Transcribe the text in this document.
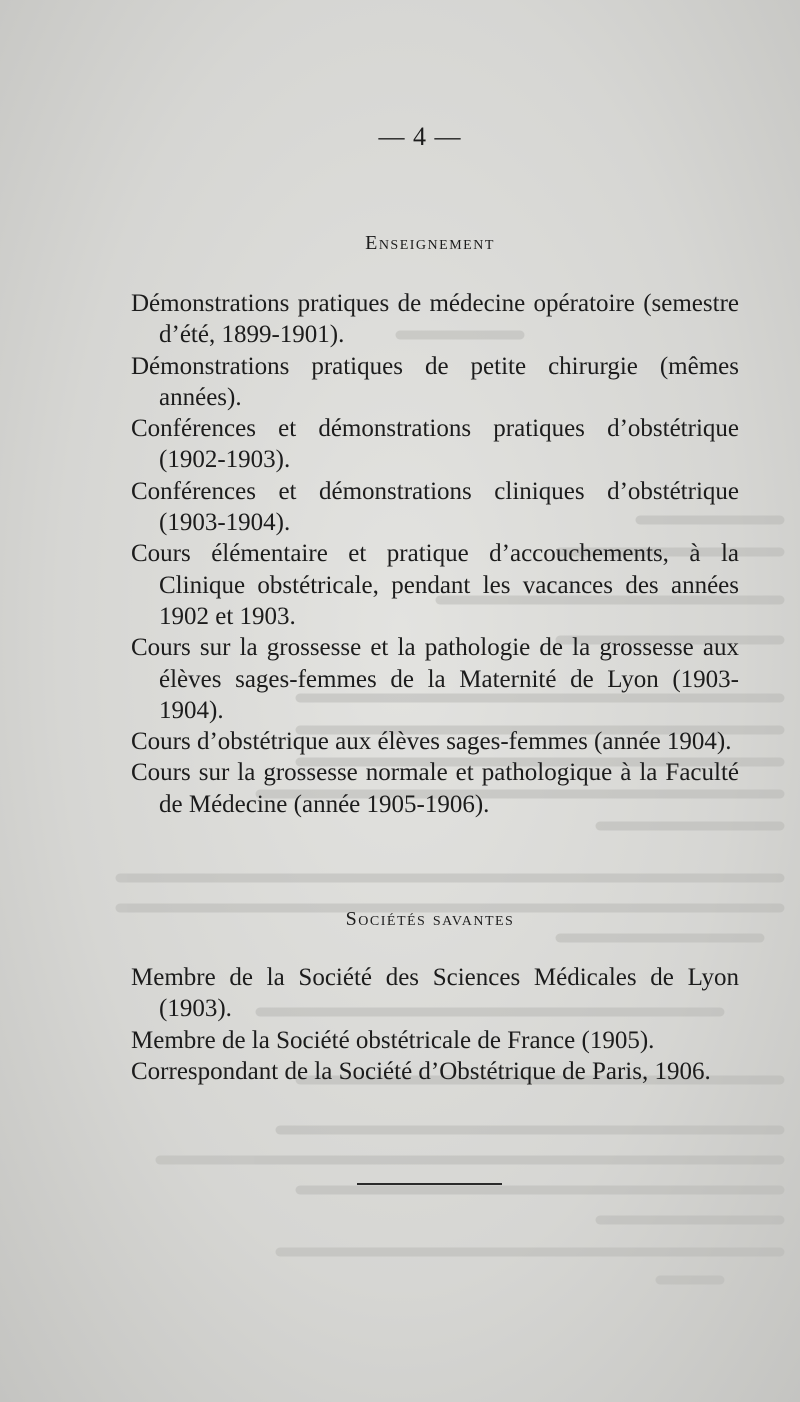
— 4 —
Enseignement
Démonstrations pratiques de médecine opératoire (semestre d’été, 1899-1901).
Démonstrations pratiques de petite chirurgie (mêmes années).
Conférences et démonstrations pratiques d’obstétrique (1902-1903).
Conférences et démonstrations cliniques d’obstétrique (1903-1904).
Cours élémentaire et pratique d’accouchements, à la Clinique obstétricale, pendant les vacances des années 1902 et 1903.
Cours sur la grossesse et la pathologie de la grossesse aux élèves sages-femmes de la Maternité de Lyon (1903-1904).
Cours d’obstétrique aux élèves sages-femmes (année 1904).
Cours sur la grossesse normale et pathologique à la Faculté de Médecine (année 1905-1906).
Sociétés savantes
Membre de la Société des Sciences Médicales de Lyon (1903).
Membre de la Société obstétricale de France (1905).
Correspondant de la Société d’Obstétrique de Paris, 1906.
